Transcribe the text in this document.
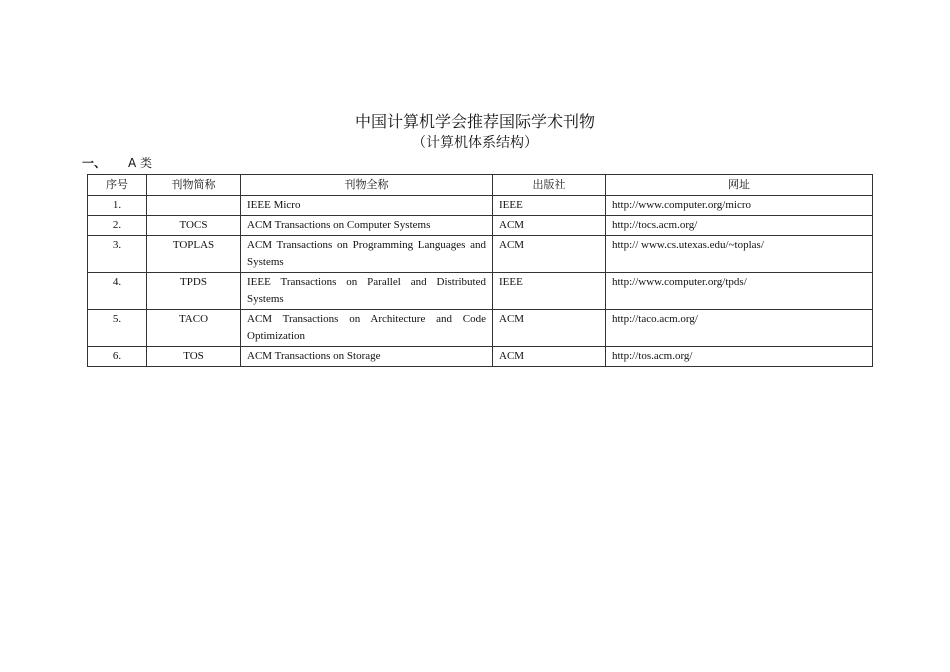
中国计算机学会推荐国际学术刊物
（计算机体系结构）
一、 A 类
序号	刊物简称	刊物全称	出版社	网址
1.		IEEE Micro	IEEE	http://www.computer.org/micro
2.	TOCS	ACM Transactions on Computer Systems	ACM	http://tocs.acm.org/
3.	TOPLAS	ACM Transactions on Programming Languages and Systems	ACM	http:// www.cs.utexas.edu/~toplas/
4.	TPDS	IEEE Transactions on Parallel and Distributed Systems	IEEE	http://www.computer.org/tpds/
5.	TACO	ACM Transactions on Architecture and Code Optimization	ACM	http://taco.acm.org/
6.	TOS	ACM Transactions on Storage	ACM	http://tos.acm.org/
